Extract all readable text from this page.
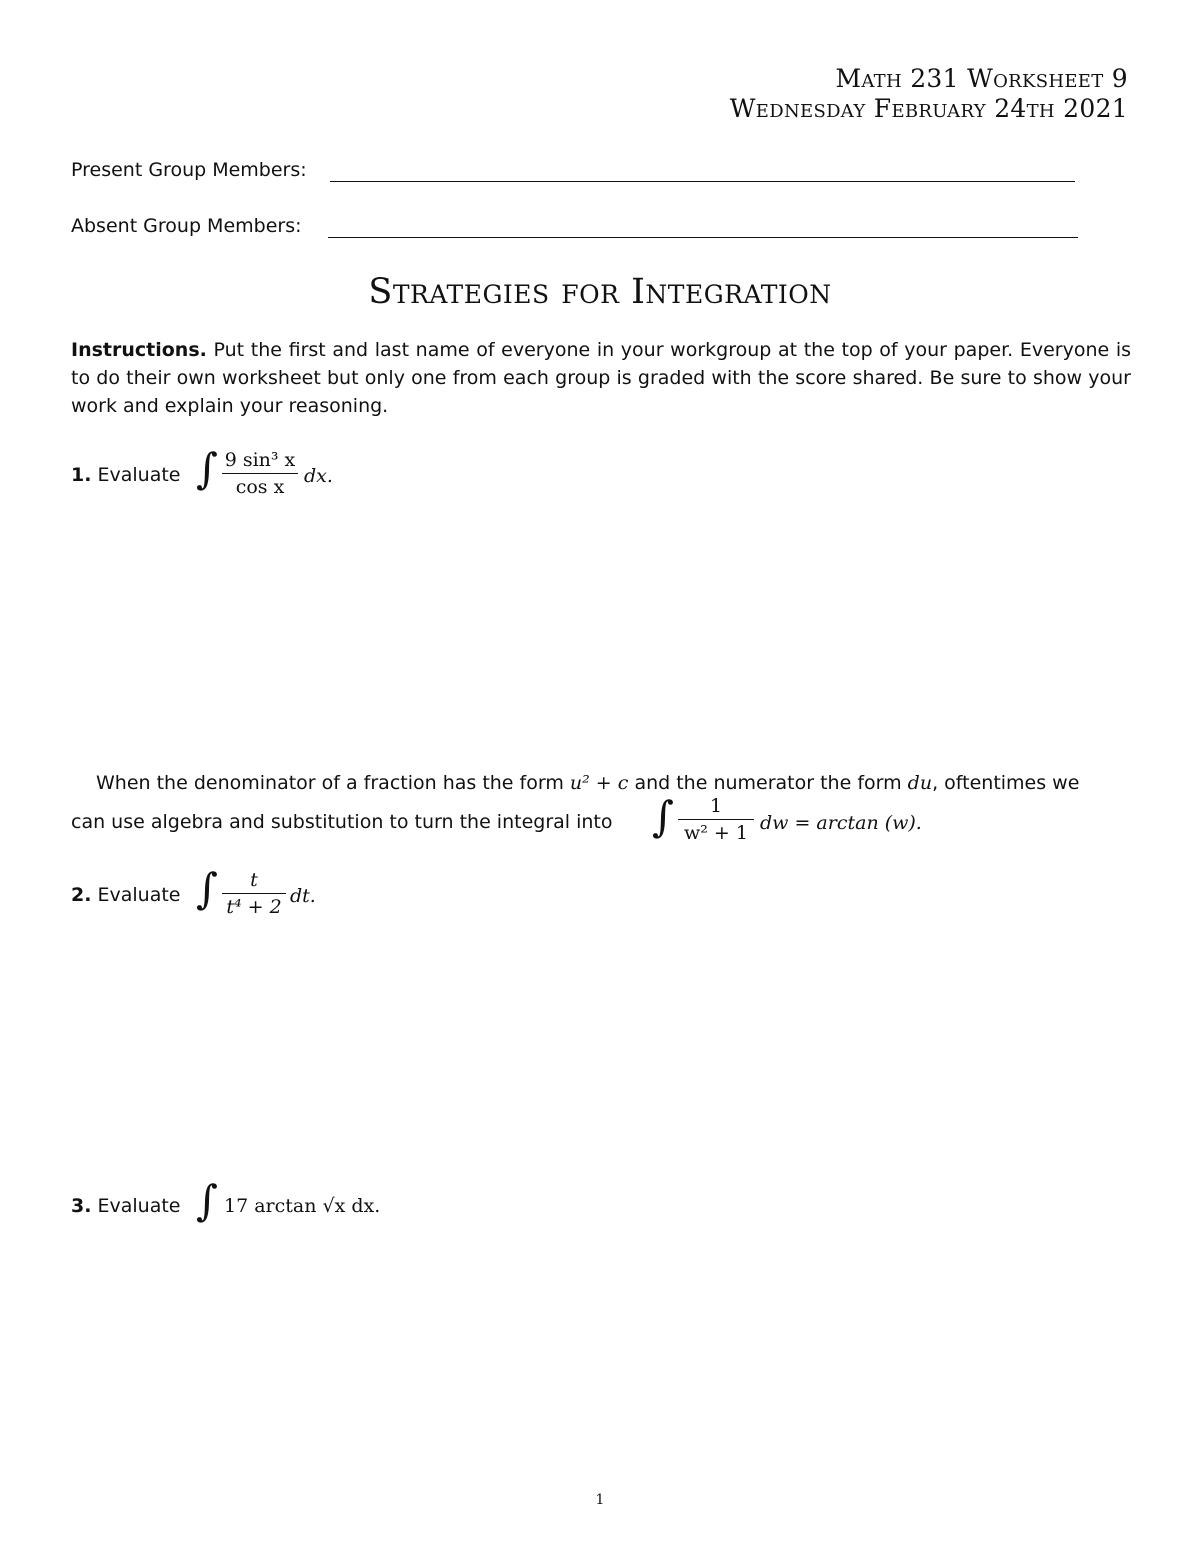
Math 231 Worksheet 9
Wednesday February 24th 2021
Present Group Members:
Absent Group Members:
Strategies for Integration
Instructions. Put the first and last name of everyone in your workgroup at the top of your paper. Everyone is to do their own worksheet but only one from each group is graded with the score shared. Be sure to show your work and explain your reasoning.
1. Evaluate ∫ 9 sin³ x
cos x	dx.
When the denominator of a fraction has the form u² + c and the numerator the form du, oftentimes we
can use algebra and substitution to turn the integral into ∫	1
w² + 1 dw = arctan (w).
2. Evaluate ∫	t
t⁴ + 2 dt.
3. Evaluate ∫ 17 arctan √x dx.
1
